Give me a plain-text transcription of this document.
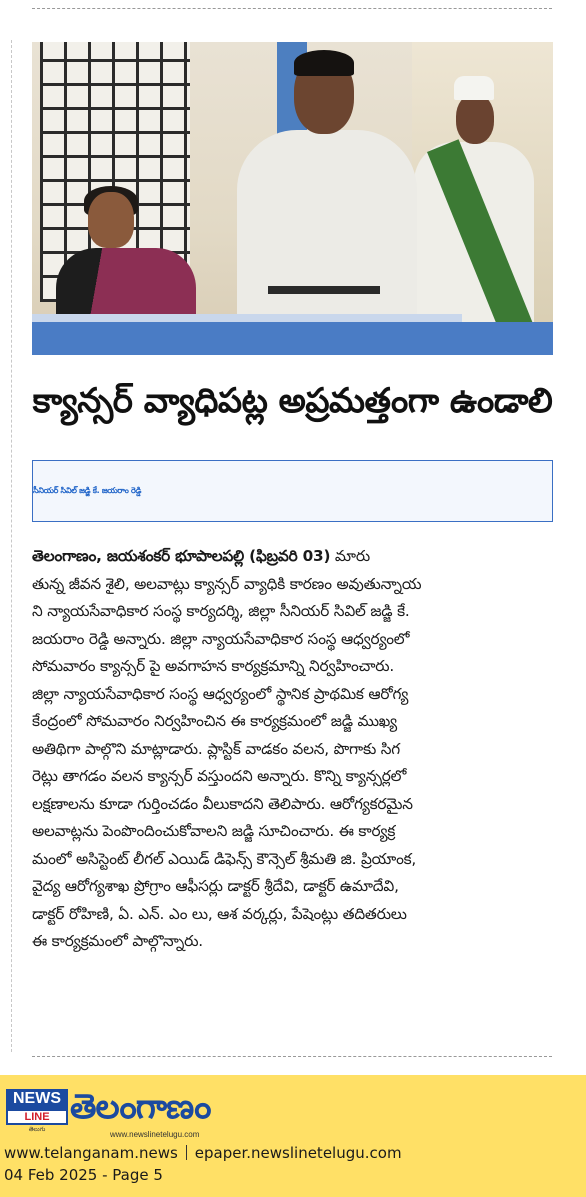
క్యాన్సర్ వ్యాధిపట్ల అప్రమత్తంగా ఉండాలి
సీనియర్ సివిల్ జడ్జి కే. జయరాం రెడ్డి
తెలంగాణం, జయశంకర్ భూపాలపల్లి (ఫిబ్రవరి 03) మారు
తున్న జీవన శైలి, అలవాట్లు క్యాన్సర్ వ్యాధికి కారణం అవుతున్నాయ
ని న్యాయసేవాధికార సంస్థ కార్యదర్శి, జిల్లా సీనియర్ సివిల్ జడ్జి కే.
జయరాం రెడ్డి అన్నారు. జిల్లా న్యాయసేవాధికార సంస్థ ఆధ్వర్యంలో
సోమవారం క్యాన్సర్ పై అవగాహన కార్యక్రమాన్ని నిర్వహించారు.
జిల్లా న్యాయసేవాధికార సంస్థ ఆధ్వర్యంలో స్థానిక ప్రాథమిక ఆరోగ్య
కేంద్రంలో సోమవారం నిర్వహించిన ఈ కార్యక్రమంలో జడ్జి ముఖ్య
అతిథిగా పాల్గొని మాట్లాడారు. ప్లాస్టిక్ వాడకం వలన, పొగాకు సిగ
రెట్లు తాగడం వలన క్యాన్సర్ వస్తుందని అన్నారు. కొన్ని క్యాన్సర్లలో
లక్షణాలను కూడా గుర్తించడం వీలుకాదని తెలిపారు. ఆరోగ్యకరమైన
అలవాట్లను పెంపొందించుకోవాలని జడ్జి సూచించారు. ఈ కార్యక్ర
మంలో అసిస్టెంట్ లీగల్ ఎయిడ్ డిఫెన్స్ కౌన్సెల్ శ్రీమతి జి. ప్రియాంక,
వైద్య ఆరోగ్యశాఖ ప్రోగ్రాం ఆఫీసర్లు డాక్టర్ శ్రీదేవి, డాక్టర్ ఉమాదేవి,
డాక్టర్ రోహిణి, ఏ. ఎన్. ఎం లు, ఆశ వర్కర్లు, పేషెంట్లు తదితరులు
ఈ కార్యక్రమంలో పాల్గొన్నారు.
NEWS
LINE
తెలుగు
తెలంగాణం
www.newslinetelugu.com
www.telanganam.news epaper.newslinetelugu.com
04 Feb 2025 - Page 5
